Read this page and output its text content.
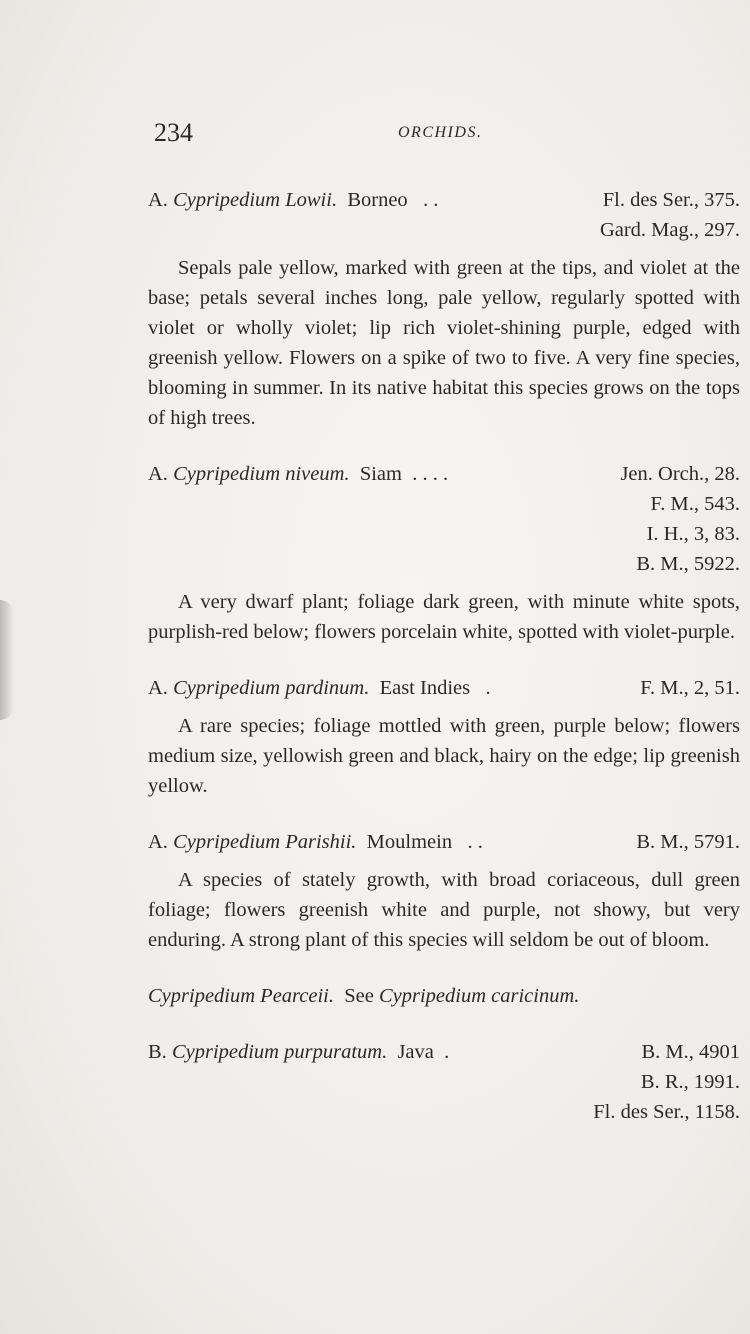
234	ORCHIDS.
A. Cypripedium Lowii. Borneo . .	Fl. des Ser., 375.
Gard. Mag., 297.

Sepals pale yellow, marked with green at the tips, and violet at the base; petals several inches long, pale yellow, regularly spotted with violet or wholly violet; lip rich violet-shining purple, edged with greenish yellow. Flowers on a spike of two to five. A very fine species, blooming in summer. In its native habitat this species grows on the tops of high trees.

A. Cypripedium niveum. Siam . . . .	Jen. Orch., 28.
F. M., 543.
I. H., 3, 83.
B. M., 5922.

A very dwarf plant; foliage dark green, with minute white spots, purplish-red below; flowers porcelain white, spotted with violet-purple.

A. Cypripedium pardinum. East Indies .	F. M., 2, 51.

A rare species; foliage mottled with green, purple below; flowers medium size, yellowish green and black, hairy on the edge; lip greenish yellow.

A. Cypripedium Parishii. Moulmein . .	B. M., 5791.

A species of stately growth, with broad coriaceous, dull green foliage; flowers greenish white and purple, not showy, but very enduring. A strong plant of this species will seldom be out of bloom.

Cypripedium Pearceii. See Cypripedium caricinum.
B. Cypripedium purpuratum. Java .	B. M., 4901
B. R., 1991.
Fl. des Ser., 1158.
